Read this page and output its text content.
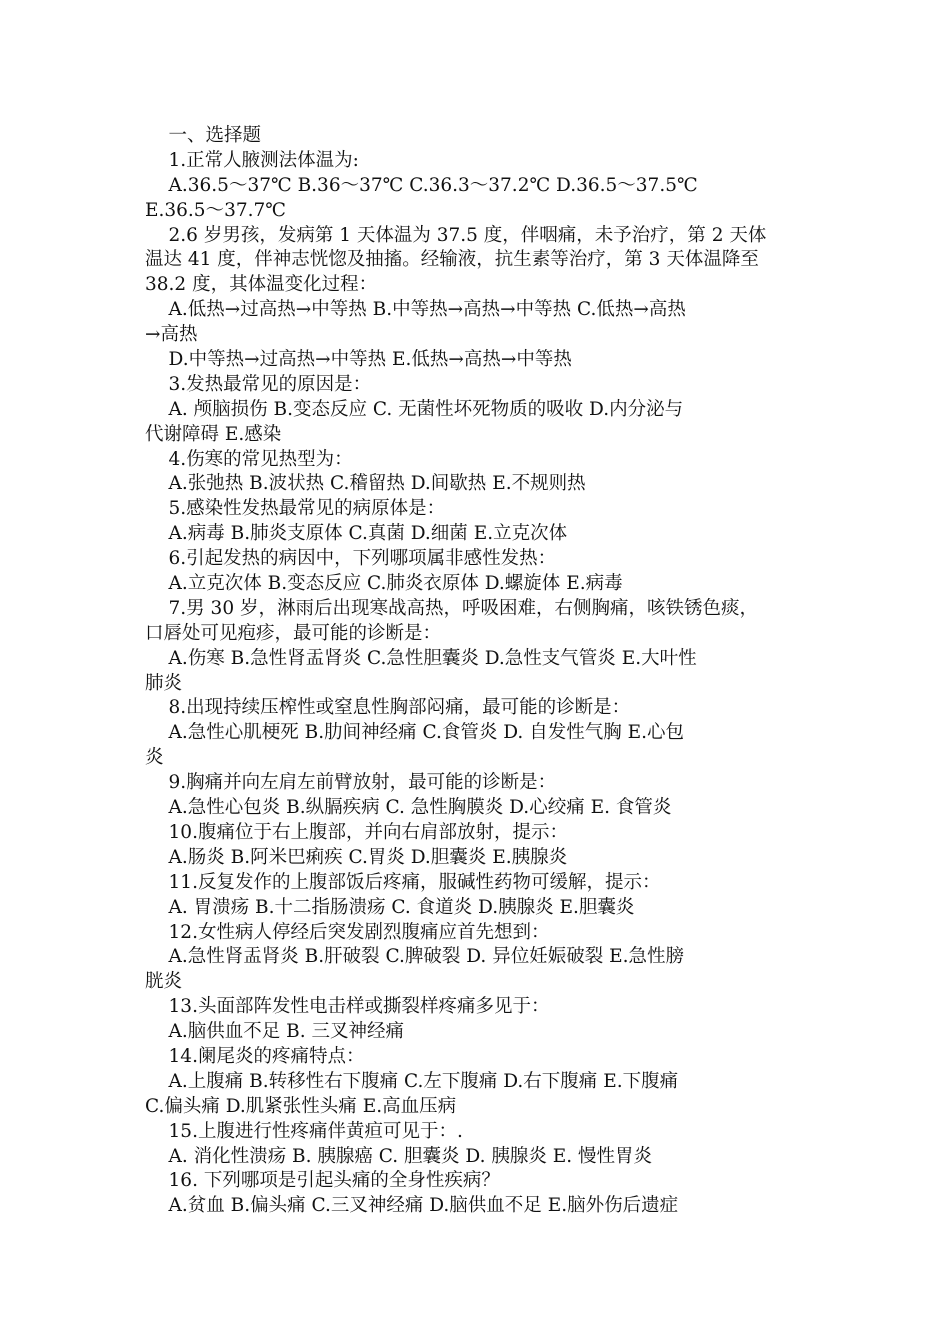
一、选择题
1.正常人腋测法体温为:
A.36.5～37℃ B.36～37℃ C.36.3～37.2℃ D.36.5～37.5℃
E.36.5～37.7℃
2.6 岁男孩，发病第 1 天体温为 37.5 度，伴咽痛，未予治疗，第 2 天体
温达 41 度，伴神志恍惚及抽搐。经输液，抗生素等治疗，第 3 天体温降至
38.2 度，其体温变化过程：
A.低热→过高热→中等热 B.中等热→高热→中等热 C.低热→高热
→高热
D.中等热→过高热→中等热 E.低热→高热→中等热
3.发热最常见的原因是：
A. 颅脑损伤 B.变态反应 C. 无菌性坏死物质的吸收 D.内分泌与
代谢障碍 E.感染
4.伤寒的常见热型为：
A.张弛热 B.波状热 C.稽留热 D.间歇热 E.不规则热
5.感染性发热最常见的病原体是：
A.病毒 B.肺炎支原体 C.真菌 D.细菌 E.立克次体
6.引起发热的病因中，下列哪项属非感性发热：
A.立克次体 B.变态反应 C.肺炎衣原体 D.螺旋体 E.病毒
7.男 30 岁，淋雨后出现寒战高热，呼吸困难，右侧胸痛，咳铁锈色痰，
口唇处可见疱疹，最可能的诊断是：
A.伤寒 B.急性肾盂肾炎 C.急性胆囊炎 D.急性支气管炎 E.大叶性
肺炎
8.出现持续压榨性或窒息性胸部闷痛，最可能的诊断是：
A.急性心肌梗死 B.肋间神经痛 C.食管炎 D. 自发性气胸 E.心包
炎
9.胸痛并向左肩左前臂放射，最可能的诊断是：
A.急性心包炎 B.纵膈疾病 C. 急性胸膜炎 D.心绞痛 E. 食管炎
10.腹痛位于右上腹部，并向右肩部放射，提示：
A.肠炎 B.阿米巴痢疾 C.胃炎 D.胆囊炎 E.胰腺炎
11.反复发作的上腹部饭后疼痛，服碱性药物可缓解，提示：
A. 胃溃疡 B.十二指肠溃疡 C. 食道炎 D.胰腺炎 E.胆囊炎
12.女性病人停经后突发剧烈腹痛应首先想到：
A.急性肾盂肾炎 B.肝破裂 C.脾破裂 D. 异位妊娠破裂 E.急性膀
胱炎
13.头面部阵发性电击样或撕裂样疼痛多见于：
A.脑供血不足 B. 三叉神经痛
14.阑尾炎的疼痛特点：
A.上腹痛 B.转移性右下腹痛 C.左下腹痛 D.右下腹痛 E.下腹痛
C.偏头痛 D.肌紧张性头痛 E.高血压病
15.上腹进行性疼痛伴黄疸可见于：.
A. 消化性溃疡 B. 胰腺癌 C. 胆囊炎 D. 胰腺炎 E. 慢性胃炎
16. 下列哪项是引起头痛的全身性疾病？
A.贫血 B.偏头痛 C.三叉神经痛 D.脑供血不足 E.脑外伤后遗症
